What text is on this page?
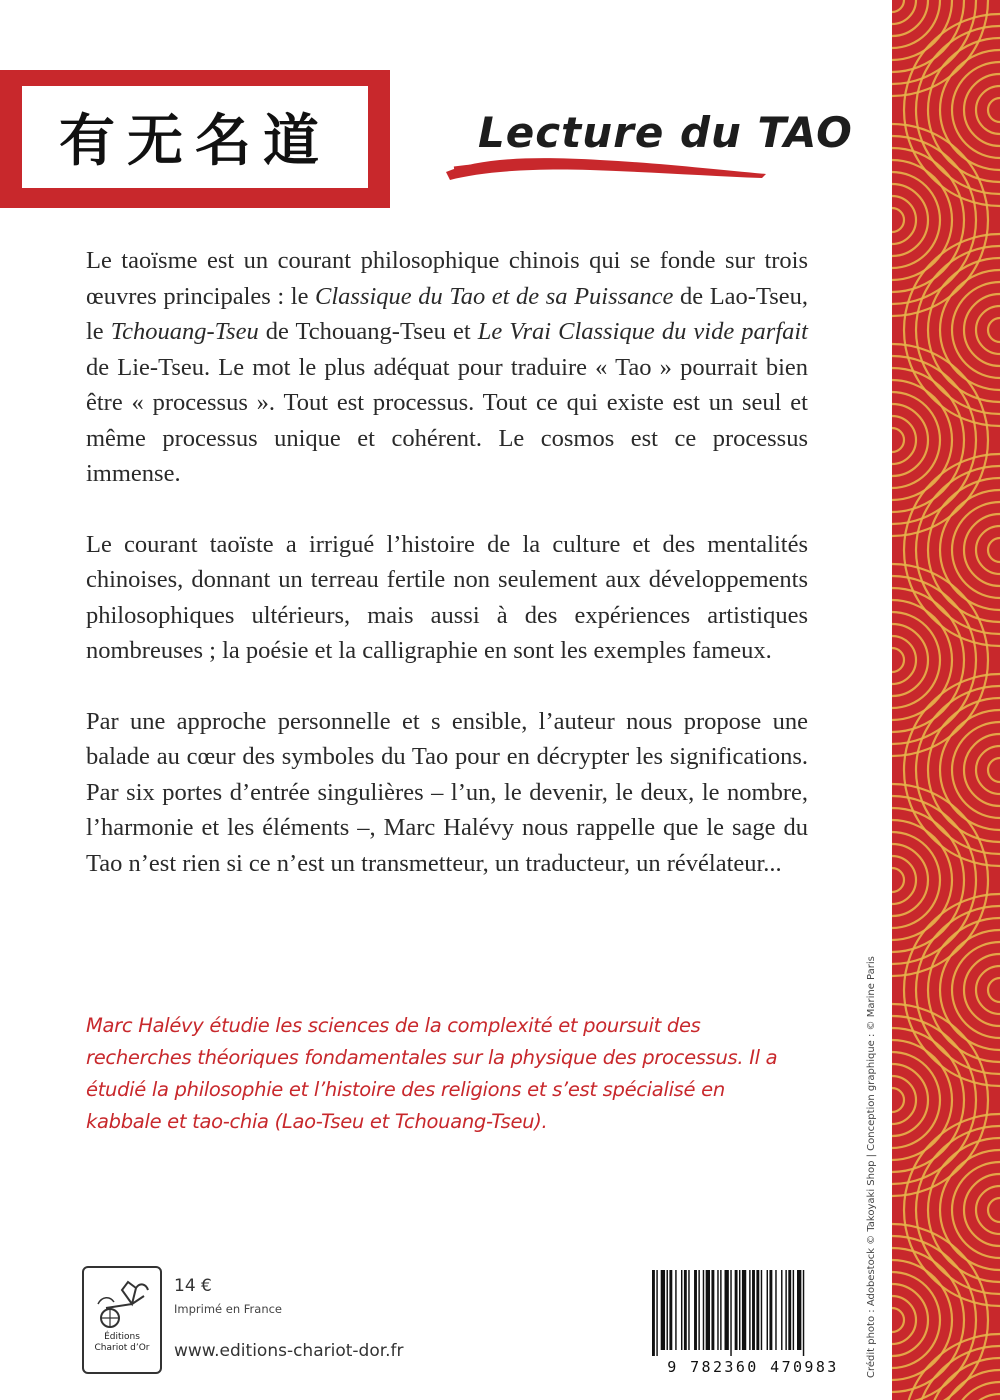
有无名道	Lecture du TAO

Le taoïsme est un courant philosophique chinois qui se fonde sur trois œuvres principales : le Classique du Tao et de sa Puissance de Lao-Tseu, le Tchouang-Tseu de Tchouang-Tseu et Le Vrai Classique du vide parfait de Lie-Tseu. Le mot le plus adéquat pour traduire « Tao » pourrait bien être « processus ». Tout est processus. Tout ce qui existe est un seul et même processus unique et cohérent. Le cosmos est ce processus immense.

Le courant taoïste a irrigué l’histoire de la culture et des mentalités chinoises, donnant un terreau fertile non seulement aux développements philosophiques ultérieurs, mais aussi à des expériences artistiques nombreuses ; la poésie et la calligraphie en sont les exemples fameux.

Par une approche personnelle et s ensible, l’auteur nous propose une balade au cœur des symboles du Tao pour en décrypter les significations. Par six portes d’entrée singulières – l’un, le devenir, le deux, le nombre, l’harmonie et les éléments –, Marc Halévy nous rappelle que le sage du Tao n’est rien si ce n’est un transmetteur, un traducteur, un révélateur...

Marc Halévy étudie les sciences de la complexité et poursuit des recherches théoriques fondamentales sur la physique des processus. Il a étudié la philosophie et l’histoire des religions et s’est spécialisé en kabbale et tao-chia (Lao-Tseu et Tchouang-Tseu).
Éditions
Chariot d’Or
14 €
Imprimé en France
www.editions-chariot-dor.fr
9 782360 470983	Crédit photo : Adobestock © Takoyaki Shop | Conception graphique : © Marine Paris
